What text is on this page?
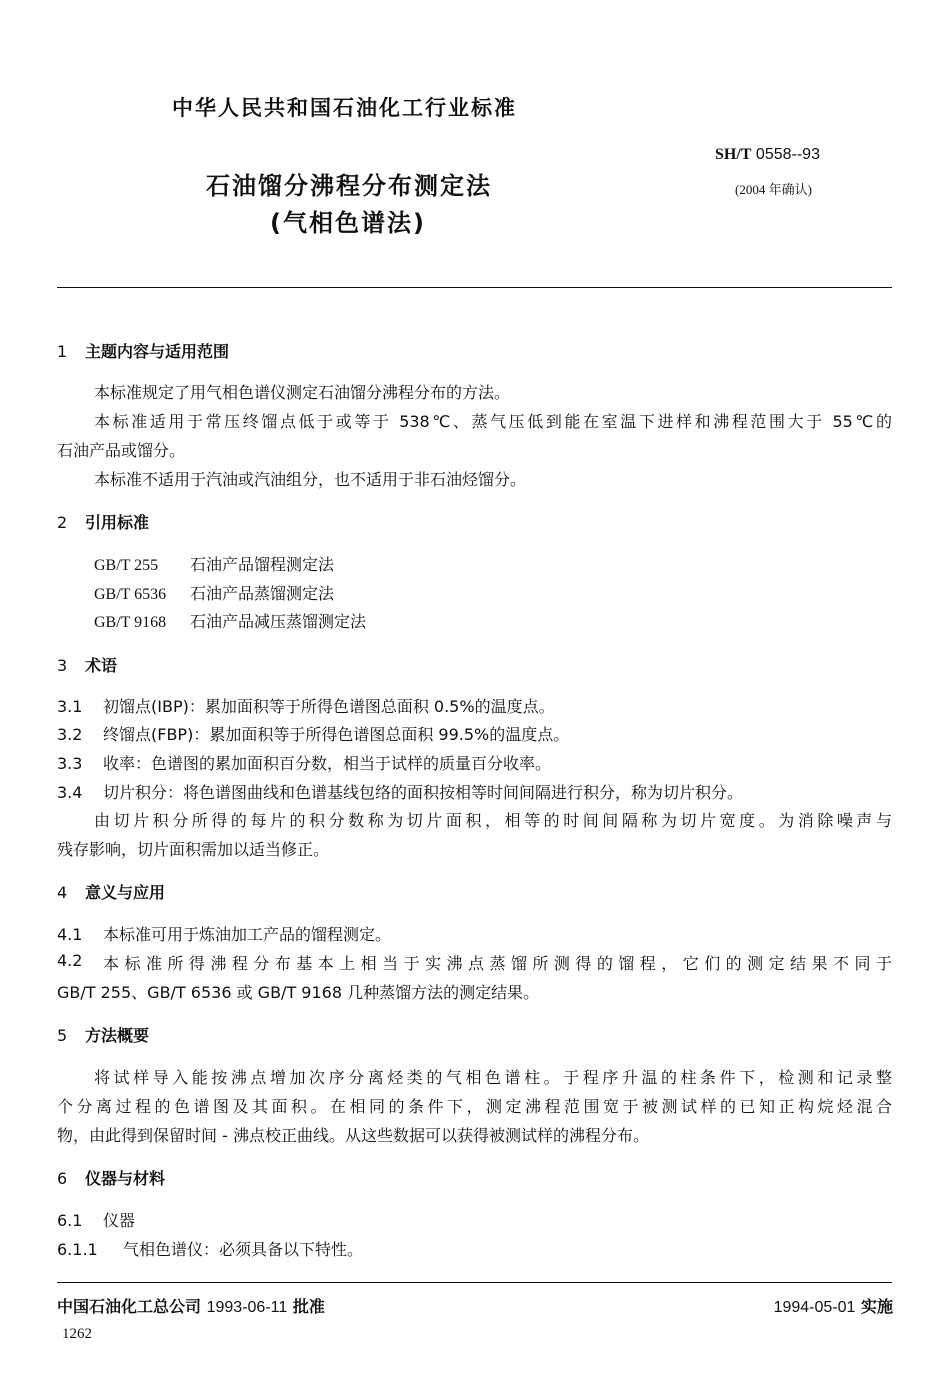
中华人民共和国石油化工行业标准
SH/T 0558--93
(2004 年确认)
石油馏分沸程分布测定法
(气相色谱法)
1 主题内容与适用范围
本标准规定了用气相色谱仪测定石油馏分沸程分布的方法。
本标准适用于常压终馏点低于或等于 538℃、蒸气压低到能在室温下进样和沸程范围大于 55℃的
石油产品或馏分。
本标准不适用于汽油或汽油组分，也不适用于非石油烃馏分。
2 引用标准
GB/T 255 石油产品馏程测定法
GB/T 6536 石油产品蒸馏测定法
GB/T 9168 石油产品减压蒸馏测定法
3 术语
3.1 初馏点(IBP)：累加面积等于所得色谱图总面积 0.5%的温度点。
3.2 终馏点(FBP)：累加面积等于所得色谱图总面积 99.5%的温度点。
3.3 收率：色谱图的累加面积百分数，相当于试样的质量百分收率。
3.4 切片积分：将色谱图曲线和色谱基线包络的面积按相等时间间隔进行积分，称为切片积分。
由切片积分所得的每片的积分数称为切片面积，相等的时间间隔称为切片宽度。为消除噪声与
残存影响，切片面积需加以适当修正。
4 意义与应用
4.1 本标准可用于炼油加工产品的馏程测定。
4.2	本标准所得沸程分布基本上相当于实沸点蒸馏所测得的馏程，它们的测定结果不同于
GB/T 255、GB/T 6536 或 GB/T 9168 几种蒸馏方法的测定结果。
5 方法概要
将试样导入能按沸点增加次序分离烃类的气相色谱柱。于程序升温的柱条件下，检测和记录整
个分离过程的色谱图及其面积。在相同的条件下，测定沸程范围宽于被测试样的已知正构烷烃混合
物，由此得到保留时间 - 沸点校正曲线。从这些数据可以获得被测试样的沸程分布。
6 仪器与材料
6.1 仪器
6.1.1 气相色谱仪：必须具备以下特性。
中国石油化工总公司 1993-06-11 批准	1994-05-01 实施
1262
